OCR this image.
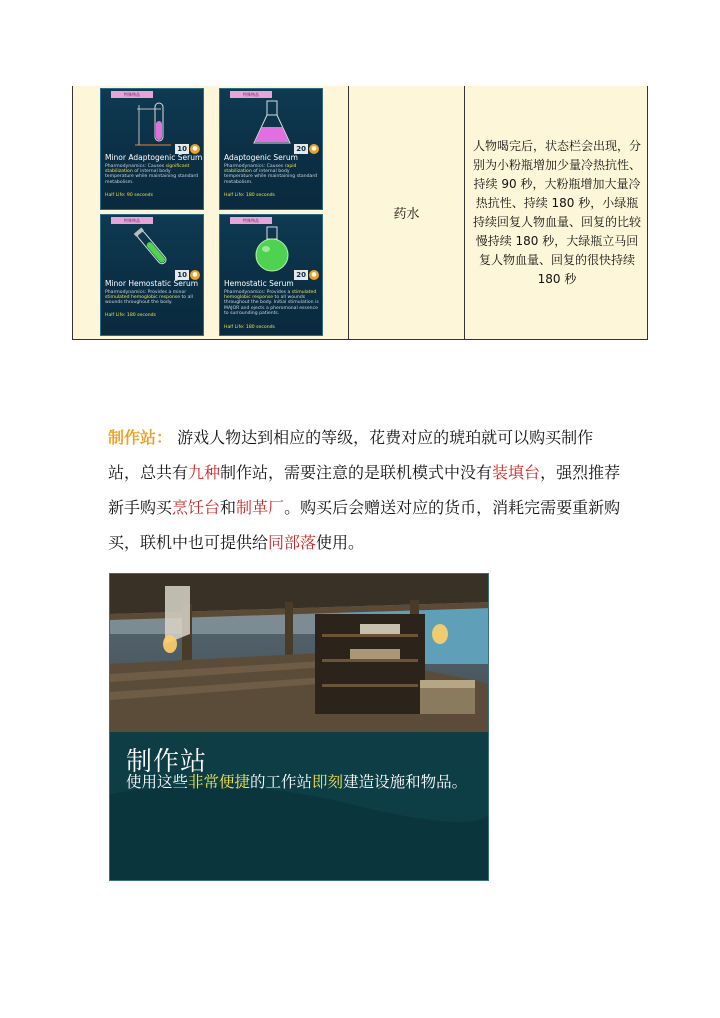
特殊物品
10 ●
Minor Adaptogenic Serum
Pharmodynamics: Causes significant stabilization of internal body temperature while maintaining standard metabolism.
Half Life: 90 seconds
特殊物品
20 ●
Adaptogenic Serum
Pharmodynamics: Causes rapid stabilization of internal body temperature while maintaining standard metabolism.
Half Life: 180 seconds
特殊物品
10 ●
Minor Hemostatic Serum
Pharmodynamics: Provides a minor stimulated hemoglobic response to all wounds throughout the body.
Half Life: 180 seconds
特殊物品
20 ●
Hemostatic Serum
Pharmodynamics: Provides a stimulated hemoglobic response to all wounds throughout the body. Initial stimulation is MAJOR and ejects a pheromonal essence to surrounding patients.
Half Life: 180 seconds
药水
人物喝完后，状态栏会出现，分别为小粉瓶增加少量冷热抗性、持续 90 秒，大粉瓶增加大量冷热抗性、持续 180 秒，小绿瓶持续回复人物血量、回复的比较慢持续 180 秒，大绿瓶立马回复人物血量、回复的很快持续 180 秒
制作站： 游戏人物达到相应的等级，花费对应的琥珀就可以购买制作站，总共有九种制作站，需要注意的是联机模式中没有装填台，强烈推荐新手购买烹饪台和制革厂。购买后会赠送对应的货币，消耗完需要重新购买，联机中也可提供给同部落使用。
制作站
使用这些非常便捷的工作站即刻建造设施和物品。
